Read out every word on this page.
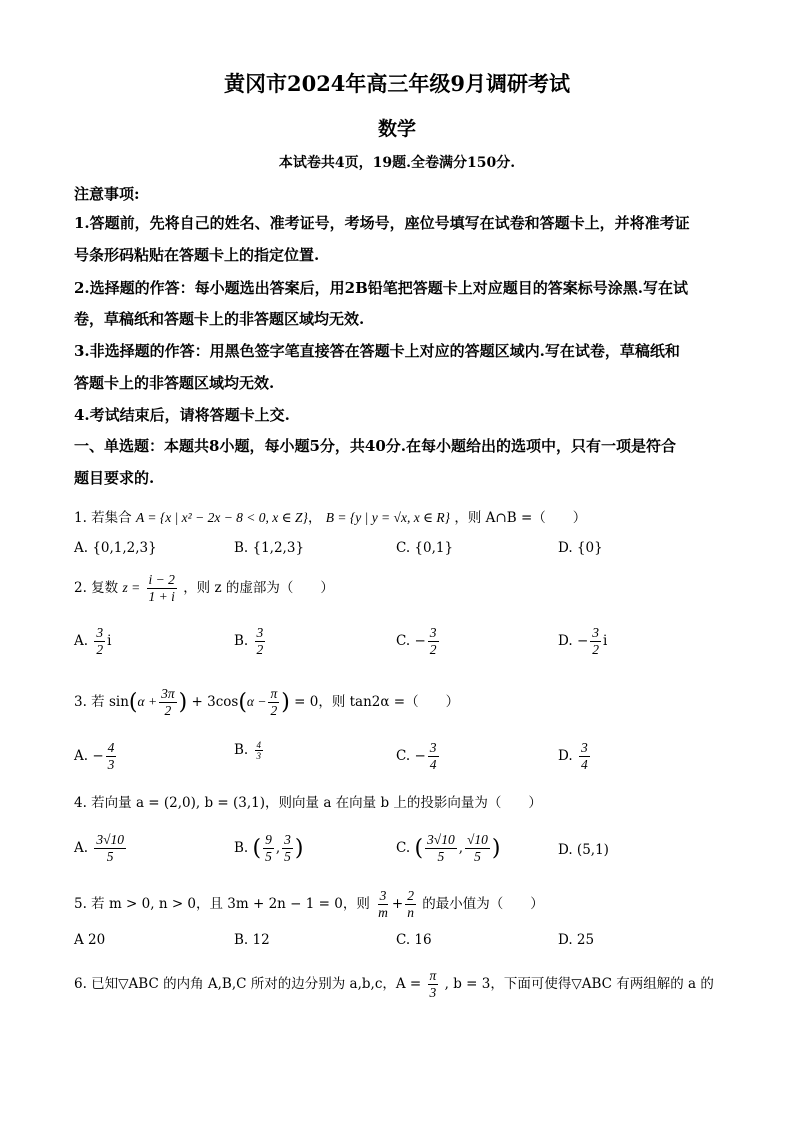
黄冈市2024年高三年级9月调研考试
数学
本试卷共4页，19题.全卷满分150分.
注意事项:
1.答题前，先将自己的姓名、准考证号，考场号，座位号填写在试卷和答题卡上，并将准考证
号条形码粘贴在答题卡上的指定位置.
2.选择题的作答：每小题选出答案后，用2B铅笔把答题卡上对应题目的答案标号涂黑.写在试
卷，草稿纸和答题卡上的非答题区域均无效.
3.非选择题的作答：用黑色签字笔直接答在答题卡上对应的答题区域内.写在试卷，草稿纸和
答题卡上的非答题区域均无效.
4.考试结束后，请将答题卡上交.
一、单选题：本题共8小题，每小题5分，共40分.在每小题给出的选项中，只有一项是符合
题目要求的.
1. 若集合 A = {x | x² − 2x − 8 < 0, x ∈ Z}， B = {y | y = √x, x ∈ R} ，则 A∩B =（　　）
A. {0,1,2,3}	B. {1,2,3}	C. {0,1}	D. {0}
2. 复数 $z = \frac{i - 2}{1 + i}$ ，则 z 的虚部为（　　）
A. $\frac{3}{2}$ i	B. $\frac{3}{2}$	C. − $\frac{3}{2}$	D. − $\frac{3}{2}$ i
3. 若 $\sin(\alpha + \frac{3\pi}{2}$ ) + $3\cos(\alpha - \frac{\pi}{2}$ ) = 0，则 tan2α =（　　）
A. − $\frac{4}{3}$	B. $\frac{4}{3}$	C. − $\frac{3}{4}$	D. $\frac{3}{4}$
4. 若向量 a = (2,0), b = (3,1)，则向量 a 在向量 b 上的投影向量为（　　）
A. $\frac{3√10}{5}$	B. ( $\frac{9}{5}$ , $\frac{3}{5}$ )	C. ( $\frac{3√10}{5}$ , $\frac{√10}{5}$ )	D. (5,1)
5. 若 m > 0, n > 0，且 3m + 2n − 1 = 0，则 $\frac{3}{m} + \frac{2}{n}$ 的最小值为（　　）
A 20	B. 12	C. 16	D. 25
6. 已知▽ABC 的内角 A,B,C 所对的边分别为 a,b,c，$A = \frac{\pi}{3}$ , b = 3，下面可使得▽ABC 有两组解的 a 的
